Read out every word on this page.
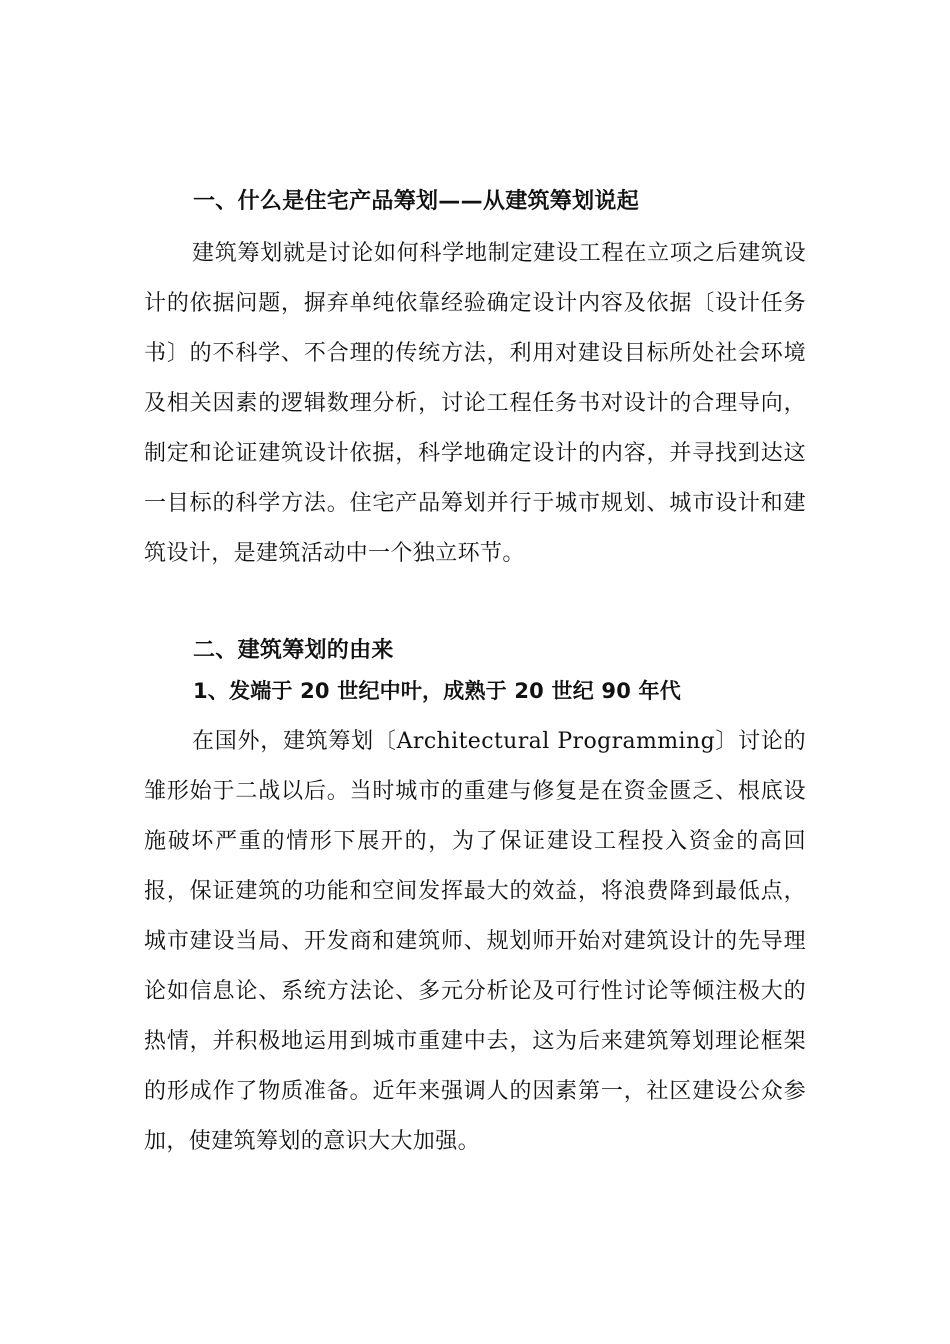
一、什么是住宅产品筹划——从建筑筹划说起

建筑筹划就是讨论如何科学地制定建设工程在立项之后建筑设计的依据问题，摒弃单纯依靠经验确定设计内容及依据〔设计任务书〕的不科学、不合理的传统方法，利用对建设目标所处社会环境及相关因素的逻辑数理分析，讨论工程任务书对设计的合理导向，制定和论证建筑设计依据，科学地确定设计的内容，并寻找到达这一目标的科学方法。住宅产品筹划并行于城市规划、城市设计和建筑设计，是建筑活动中一个独立环节。

二、建筑筹划的由来
1、发端于 20 世纪中叶，成熟于 20 世纪 90 年代

在国外，建筑筹划〔Architectural Programming〕讨论的雏形始于二战以后。当时城市的重建与修复是在资金匮乏、根底设施破坏严重的情形下展开的，为了保证建设工程投入资金的高回报，保证建筑的功能和空间发挥最大的效益，将浪费降到最低点，城市建设当局、开发商和建筑师、规划师开始对建筑设计的先导理论如信息论、系统方法论、多元分析论及可行性讨论等倾注极大的热情，并积极地运用到城市重建中去，这为后来建筑筹划理论框架的形成作了物质准备。近年来强调人的因素第一，社区建设公众参加，使建筑筹划的意识大大加强。
